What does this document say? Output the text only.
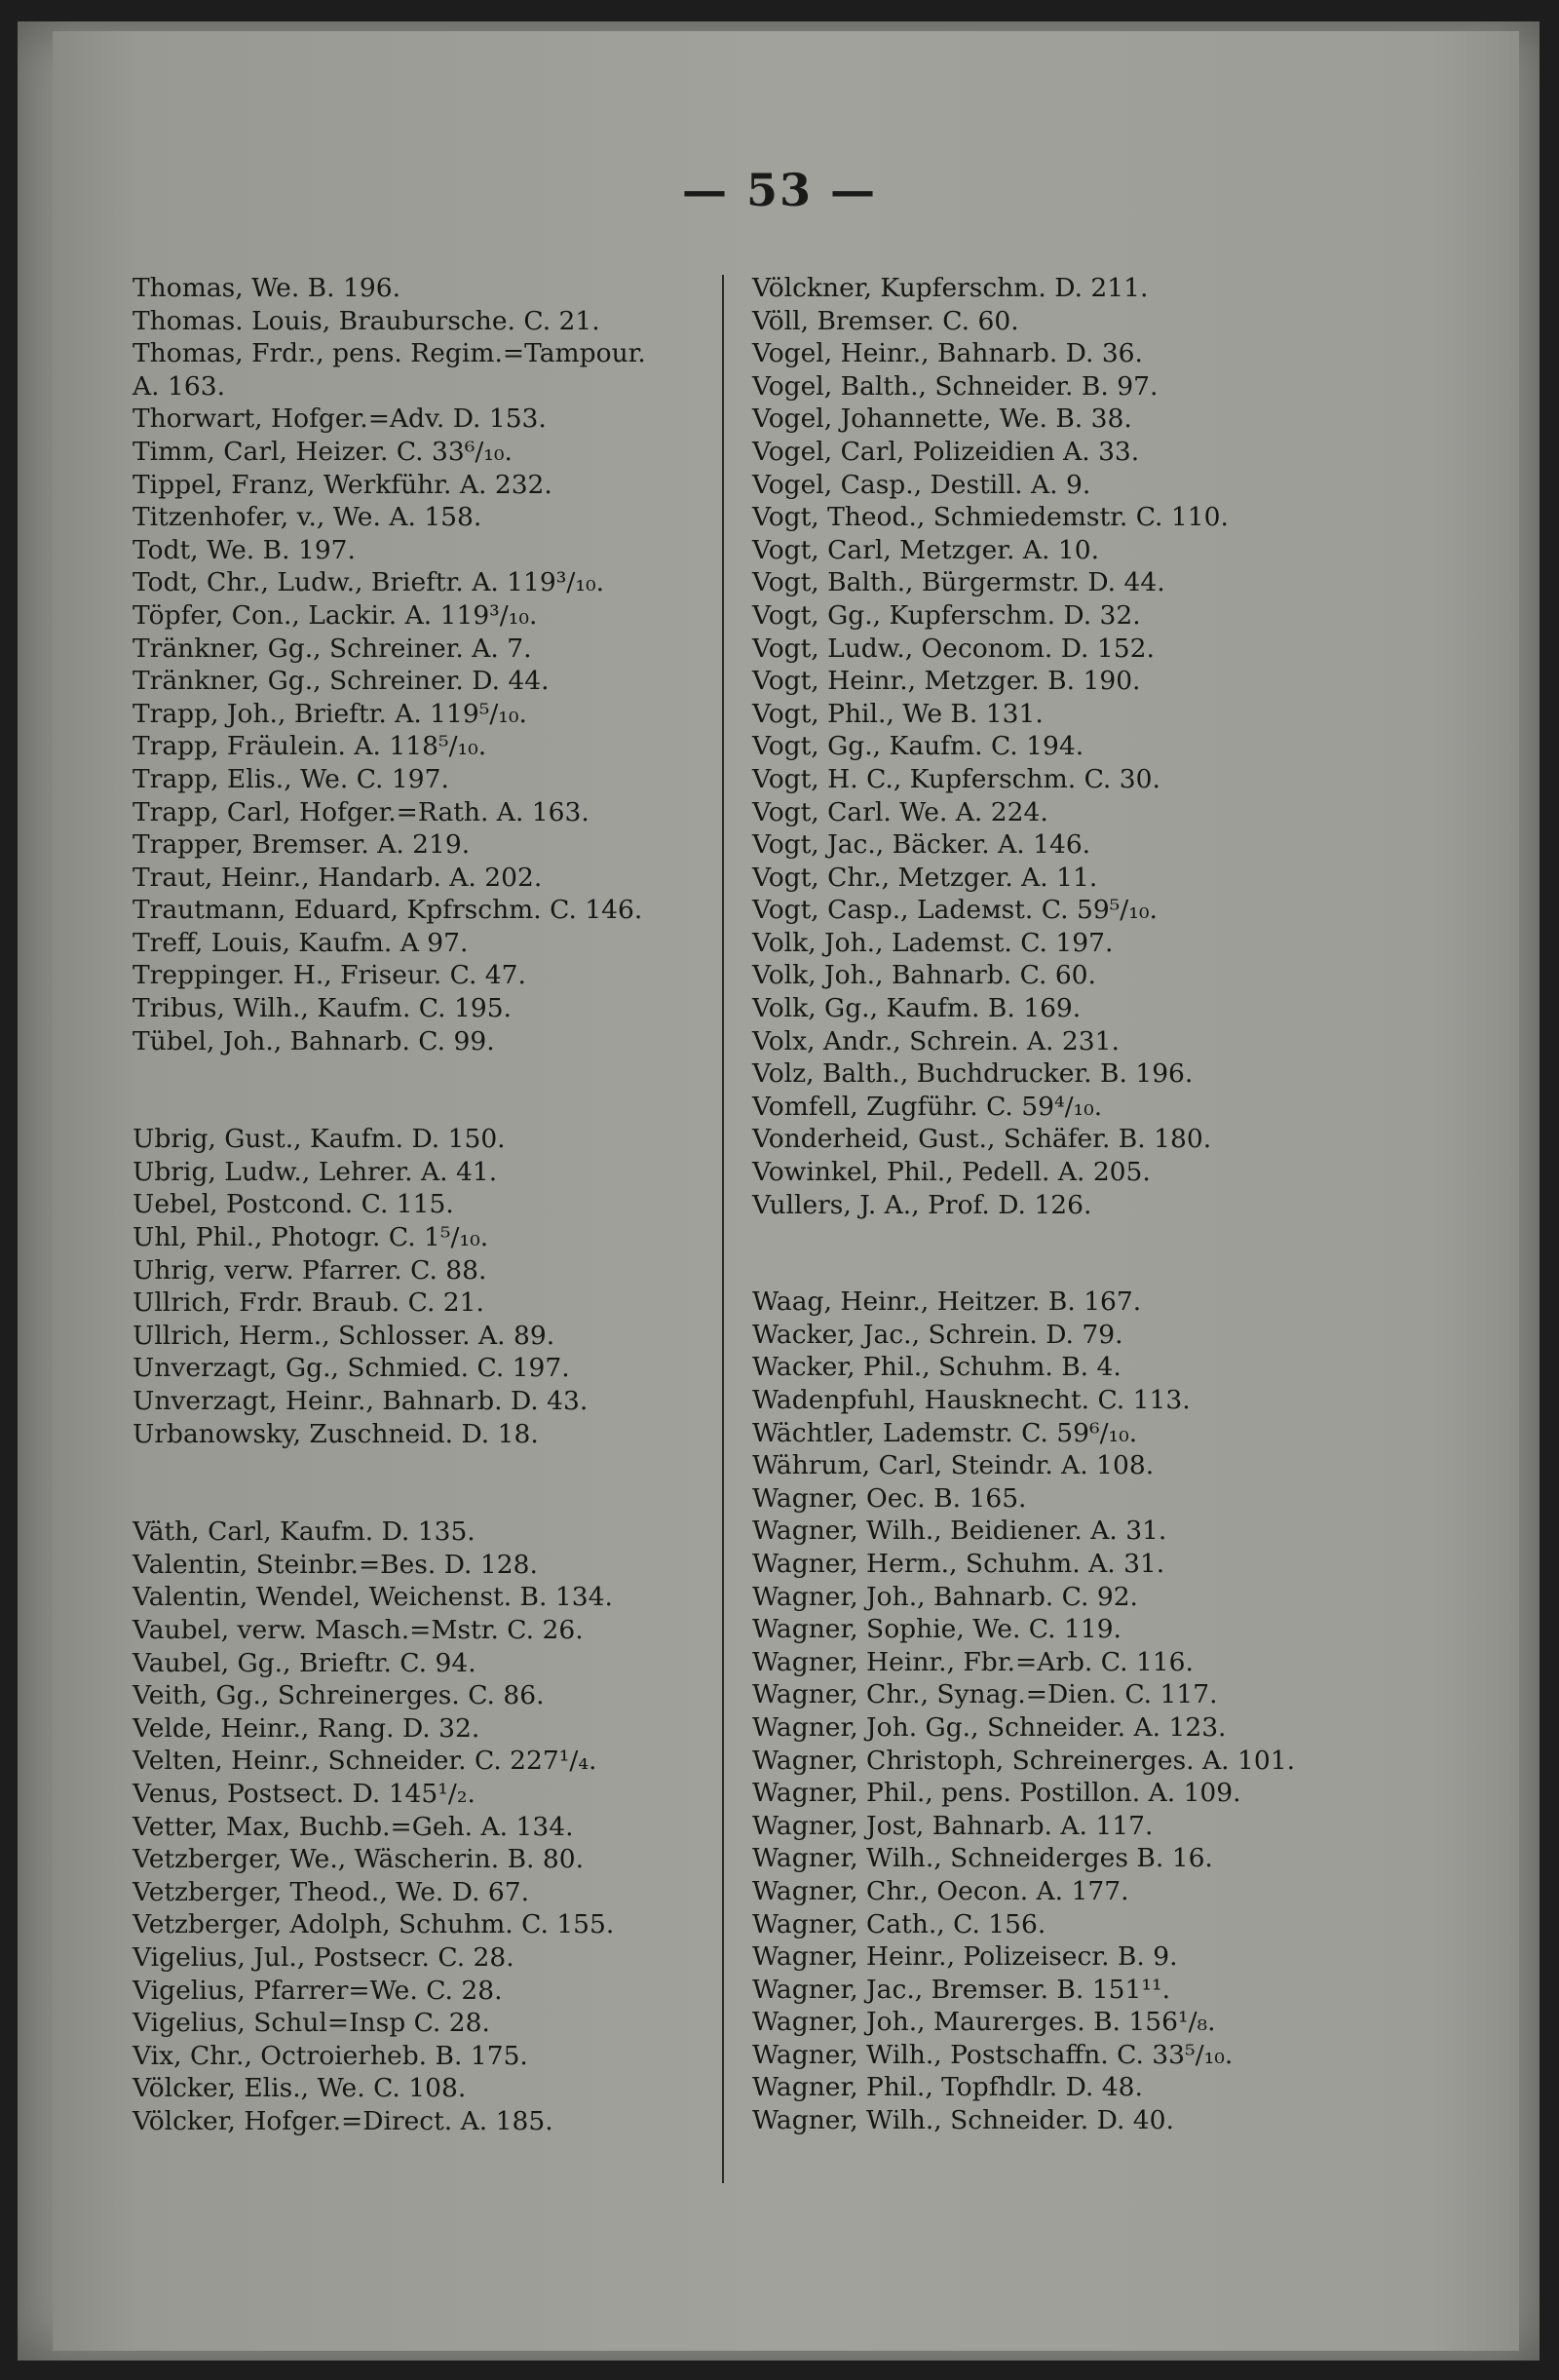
— 53 —
Thomas, We. B. 196.
Thomas. Louis, Braubursche. C. 21.
Thomas, Frdr., pens. Regim.=Tampour.
A. 163.
Thorwart, Hofger.=Adv. D. 153.
Timm, Carl, Heizer. C. 33⁶/₁₀.
Tippel, Franz, Werkführ. A. 232.
Titzenhofer, v., We. A. 158.
Todt, We. B. 197.
Todt, Chr., Ludw., Brieftr. A. 119³/₁₀.
Töpfer, Con., Lackir. A. 119³/₁₀.
Tränkner, Gg., Schreiner. A. 7.
Tränkner, Gg., Schreiner. D. 44.
Trapp, Joh., Brieftr. A. 119⁵/₁₀.
Trapp, Fräulein. A. 118⁵/₁₀.
Trapp, Elis., We. C. 197.
Trapp, Carl, Hofger.=Rath. A. 163.
Trapper, Bremser. A. 219.
Traut, Heinr., Handarb. A. 202.
Trautmann, Eduard, Kpfrschm. C. 146.
Treff, Louis, Kaufm. A 97.
Treppinger. H., Friseur. C. 47.
Tribus, Wilh., Kaufm. C. 195.
Tübel, Joh., Bahnarb. C. 99.
Ubrig, Gust., Kaufm. D. 150.
Ubrig, Ludw., Lehrer. A. 41.
Uebel, Postcond. C. 115.
Uhl, Phil., Photogr. C. 1⁵/₁₀.
Uhrig, verw. Pfarrer. C. 88.
Ullrich, Frdr. Braub. C. 21.
Ullrich, Herm., Schlosser. A. 89.
Unverzagt, Gg., Schmied. C. 197.
Unverzagt, Heinr., Bahnarb. D. 43.
Urbanowsky, Zuschneid. D. 18.
Väth, Carl, Kaufm. D. 135.
Valentin, Steinbr.=Bes. D. 128.
Valentin, Wendel, Weichenst. B. 134.
Vaubel, verw. Masch.=Mstr. C. 26.
Vaubel, Gg., Brieftr. C. 94.
Veith, Gg., Schreinerges. C. 86.
Velde, Heinr., Rang. D. 32.
Velten, Heinr., Schneider. C. 227¹/₄.
Venus, Postsect. D. 145¹/₂.
Vetter, Max, Buchb.=Geh. A. 134.
Vetzberger, We., Wäscherin. B. 80.
Vetzberger, Theod., We. D. 67.
Vetzberger, Adolph, Schuhm. C. 155.
Vigelius, Jul., Postsecr. C. 28.
Vigelius, Pfarrer=We. C. 28.
Vigelius, Schul=Insp C. 28.
Vix, Chr., Octroierheb. B. 175.
Völcker, Elis., We. C. 108.
Völcker, Hofger.=Direct. A. 185.
Völckner, Kupferschm. D. 211.
Völl, Bremser. C. 60.
Vogel, Heinr., Bahnarb. D. 36.
Vogel, Balth., Schneider. B. 97.
Vogel, Johannette, We. B. 38.
Vogel, Carl, Polizeidien A. 33.
Vogel, Casp., Destill. A. 9.
Vogt, Theod., Schmiedemstr. C. 110.
Vogt, Carl, Metzger. A. 10.
Vogt, Balth., Bürgermstr. D. 44.
Vogt, Gg., Kupferschm. D. 32.
Vogt, Ludw., Oeconom. D. 152.
Vogt, Heinr., Metzger. B. 190.
Vogt, Phil., We B. 131.
Vogt, Gg., Kaufm. C. 194.
Vogt, H. C., Kupferschm. C. 30.
Vogt, Carl. We. A. 224.
Vogt, Jac., Bäcker. A. 146.
Vogt, Chr., Metzger. A. 11.
Vogt, Casp., Ladeмst. C. 59⁵/₁₀.
Volk, Joh., Lademst. C. 197.
Volk, Joh., Bahnarb. C. 60.
Volk, Gg., Kaufm. B. 169.
Volx, Andr., Schrein. A. 231.
Volz, Balth., Buchdrucker. B. 196.
Vomfell, Zugführ. C. 59⁴/₁₀.
Vonderheid, Gust., Schäfer. B. 180.
Vowinkel, Phil., Pedell. A. 205.
Vullers, J. A., Prof. D. 126.
Waag, Heinr., Heitzer. B. 167.
Wacker, Jac., Schrein. D. 79.
Wacker, Phil., Schuhm. B. 4.
Wadenpfuhl, Hausknecht. C. 113.
Wächtler, Lademstr. C. 59⁶/₁₀.
Währum, Carl, Steindr. A. 108.
Wagner, Oec. B. 165.
Wagner, Wilh., Beidiener. A. 31.
Wagner, Herm., Schuhm. A. 31.
Wagner, Joh., Bahnarb. C. 92.
Wagner, Sophie, We. C. 119.
Wagner, Heinr., Fbr.=Arb. C. 116.
Wagner, Chr., Synag.=Dien. C. 117.
Wagner, Joh. Gg., Schneider. A. 123.
Wagner, Christoph, Schreinerges. A. 101.
Wagner, Phil., pens. Postillon. A. 109.
Wagner, Jost, Bahnarb. A. 117.
Wagner, Wilh., Schneiderges B. 16.
Wagner, Chr., Oecon. A. 177.
Wagner, Cath., C. 156.
Wagner, Heinr., Polizeisecr. B. 9.
Wagner, Jac., Bremser. B. 151¹¹.
Wagner, Joh., Maurerges. B. 156¹/₈.
Wagner, Wilh., Postschaffn. C. 33⁵/₁₀.
Wagner, Phil., Topfhdlr. D. 48.
Wagner, Wilh., Schneider. D. 40.
